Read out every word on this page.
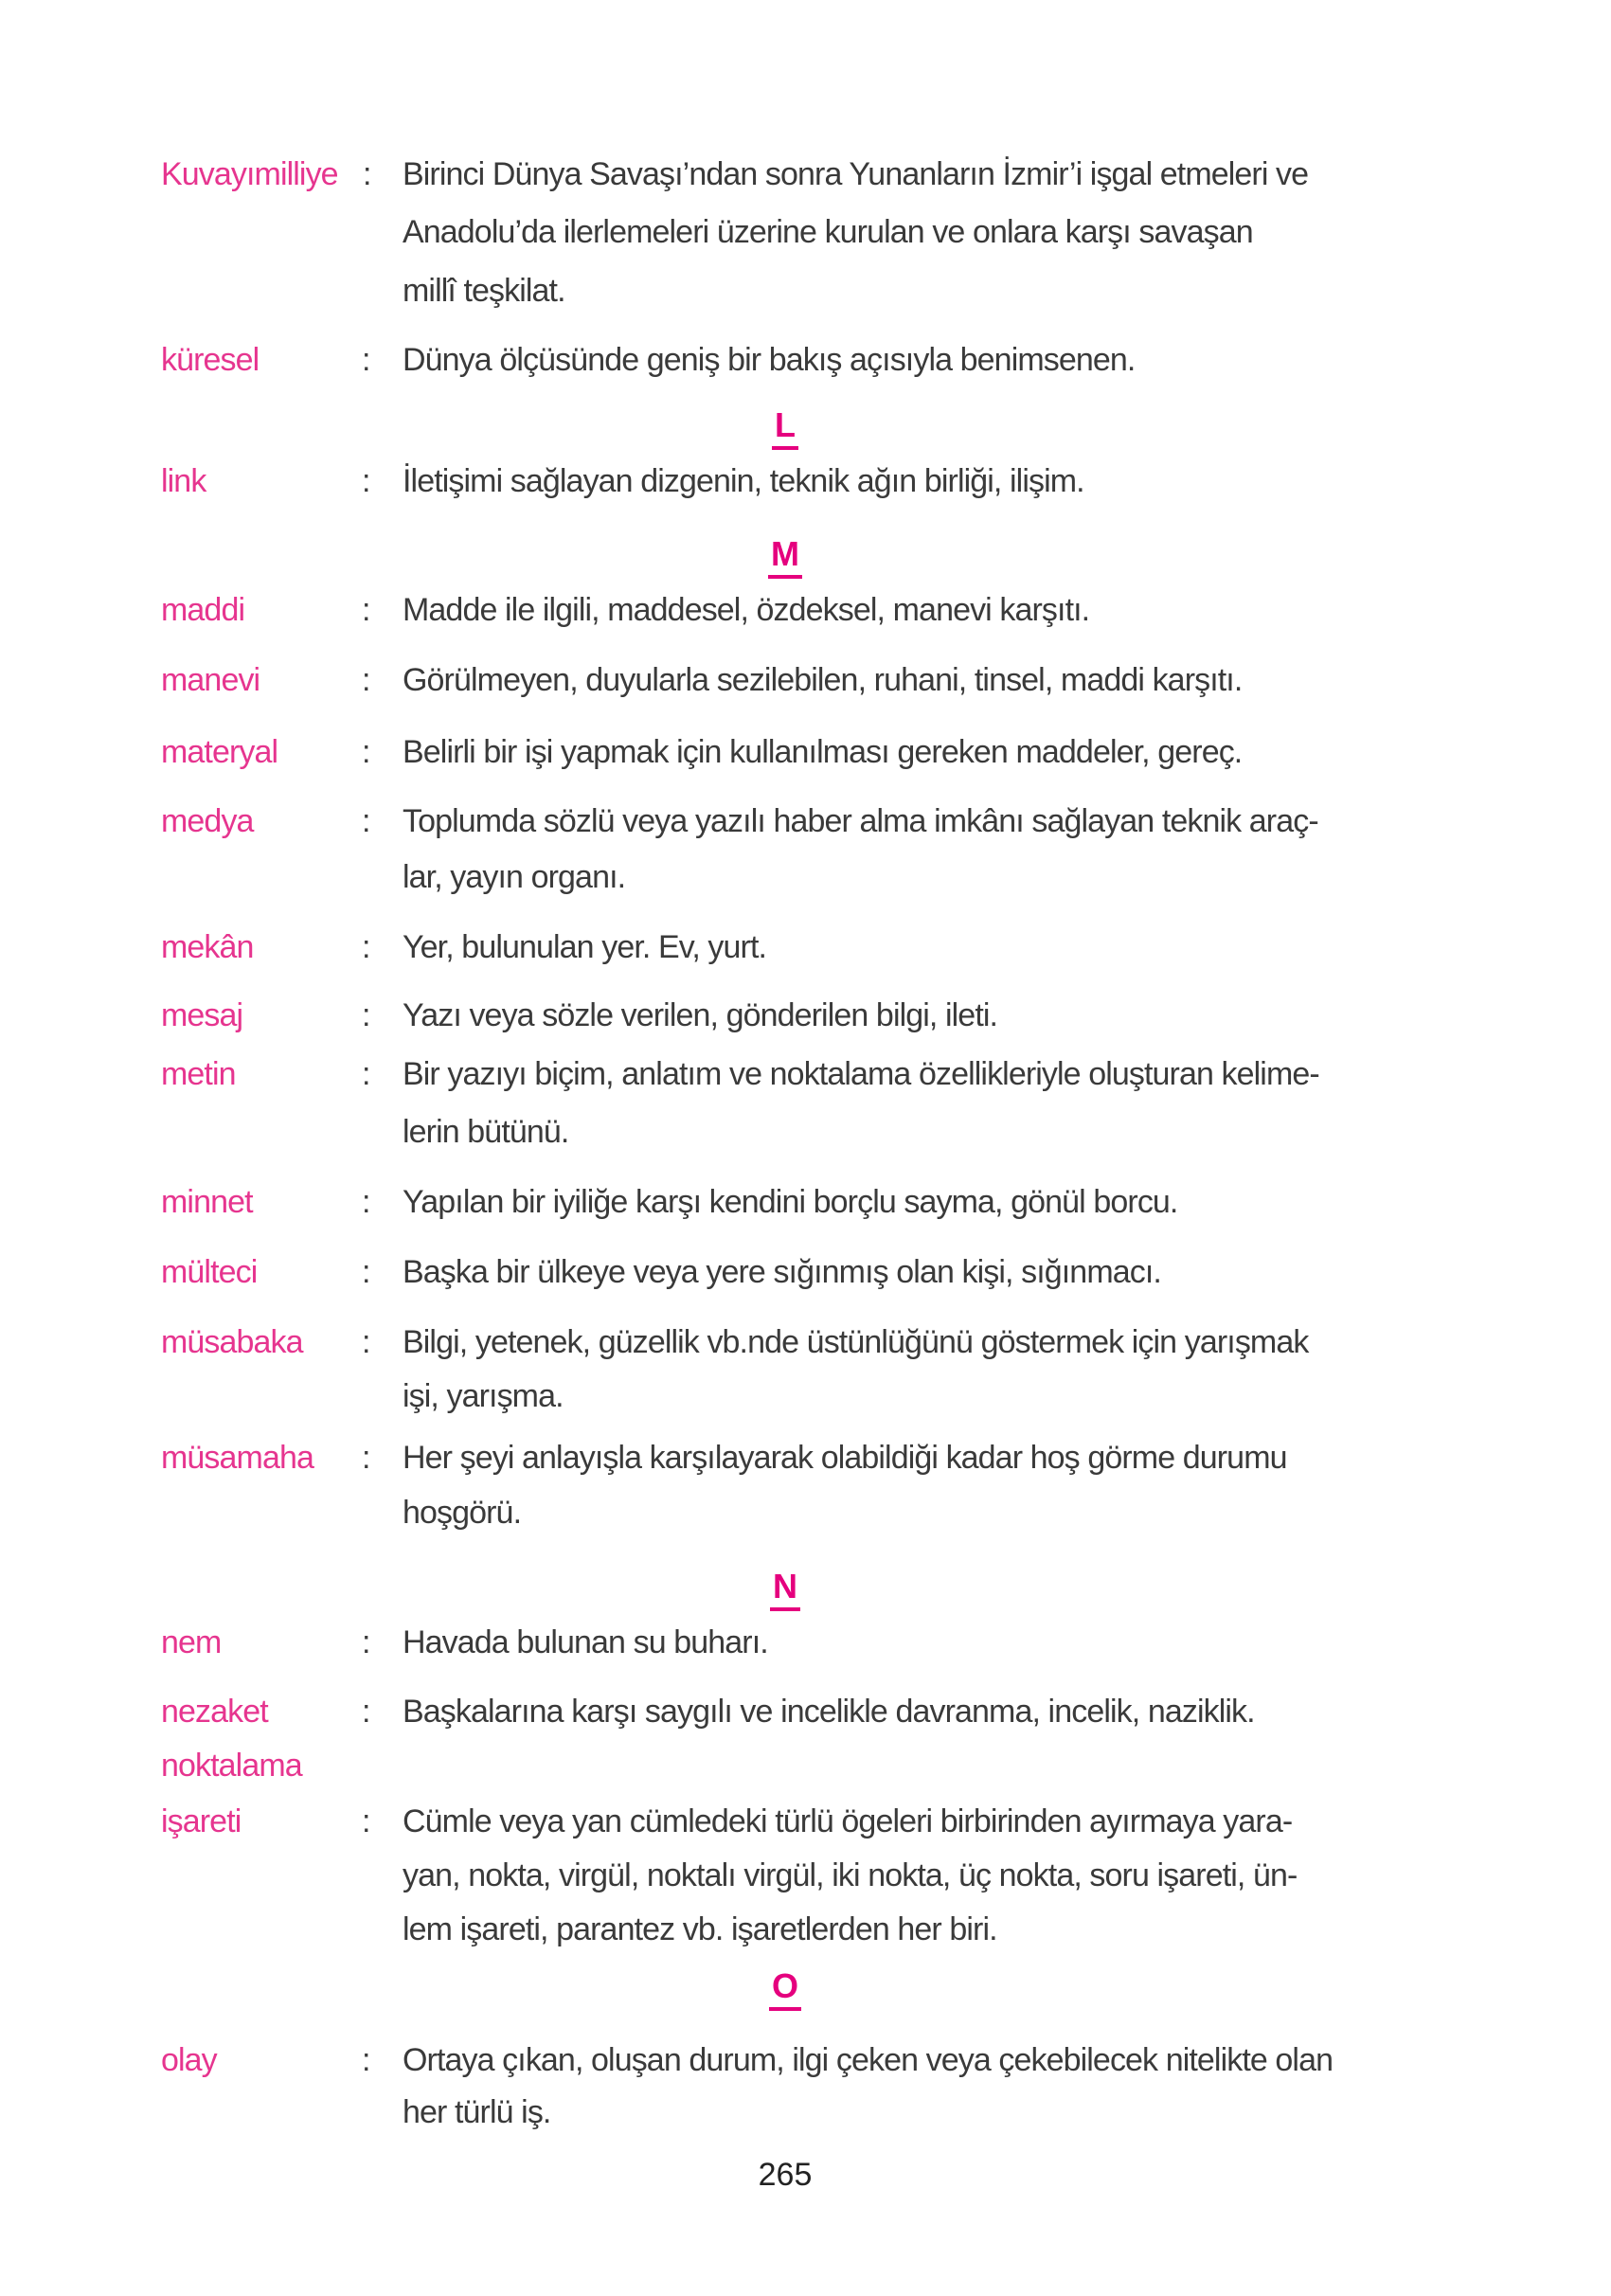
Kuvayımilliye : Birinci Dünya Savaşı’ndan sonra Yunanların İzmir’i işgal etmeleri ve
Anadolu’da ilerlemeleri üzerine kurulan ve onlara karşı savaşan
millî teşkilat.
küresel	: Dünya ölçüsünde geniş bir bakış açısıyla benimsenen.
link	: İletişimi sağlayan dizgenin, teknik ağın birliği, ilişim.
maddi	: Madde ile ilgili, maddesel, özdeksel, manevi karşıtı.
manevi	: Görülmeyen, duyularla sezilebilen, ruhani, tinsel, maddi karşıtı.
materyal	: Belirli bir işi yapmak için kullanılması gereken maddeler, gereç.
medya	: Toplumda sözlü veya yazılı haber alma imkânı sağlayan teknik araç-
lar, yayın organı.
mekân	: Yer, bulunulan yer. Ev, yurt.
mesaj	: Yazı veya sözle verilen, gönderilen bilgi, ileti.
metin	: Bir yazıyı biçim, anlatım ve noktalama özellikleriyle oluşturan kelime-
lerin bütünü.
minnet	: Yapılan bir iyiliğe karşı kendini borçlu sayma, gönül borcu.
mülteci	: Başka bir ülkeye veya yere sığınmış olan kişi, sığınmacı.
müsabaka : Bilgi, yetenek, güzellik vb.nde üstünlüğünü göstermek için yarışmak
işi, yarışma.
müsamaha : Her şeyi anlayışla karşılayarak olabildiği kadar hoş görme durumu
hoşgörü.
nem	: Havada bulunan su buharı.
nezaket	: Başkalarına karşı saygılı ve incelikle davranma, incelik, naziklik.
noktalama
işareti	: Cümle veya yan cümledeki türlü ögeleri birbirinden ayırmaya yara-
yan, nokta, virgül, noktalı virgül, iki nokta, üç nokta, soru işareti, ün-
lem işareti, parantez vb. işaretlerden her biri.
olay	: Ortaya çıkan, oluşan durum, ilgi çeken veya çekebilecek nitelikte olan
her türlü iş.
L
M
N
O
265
